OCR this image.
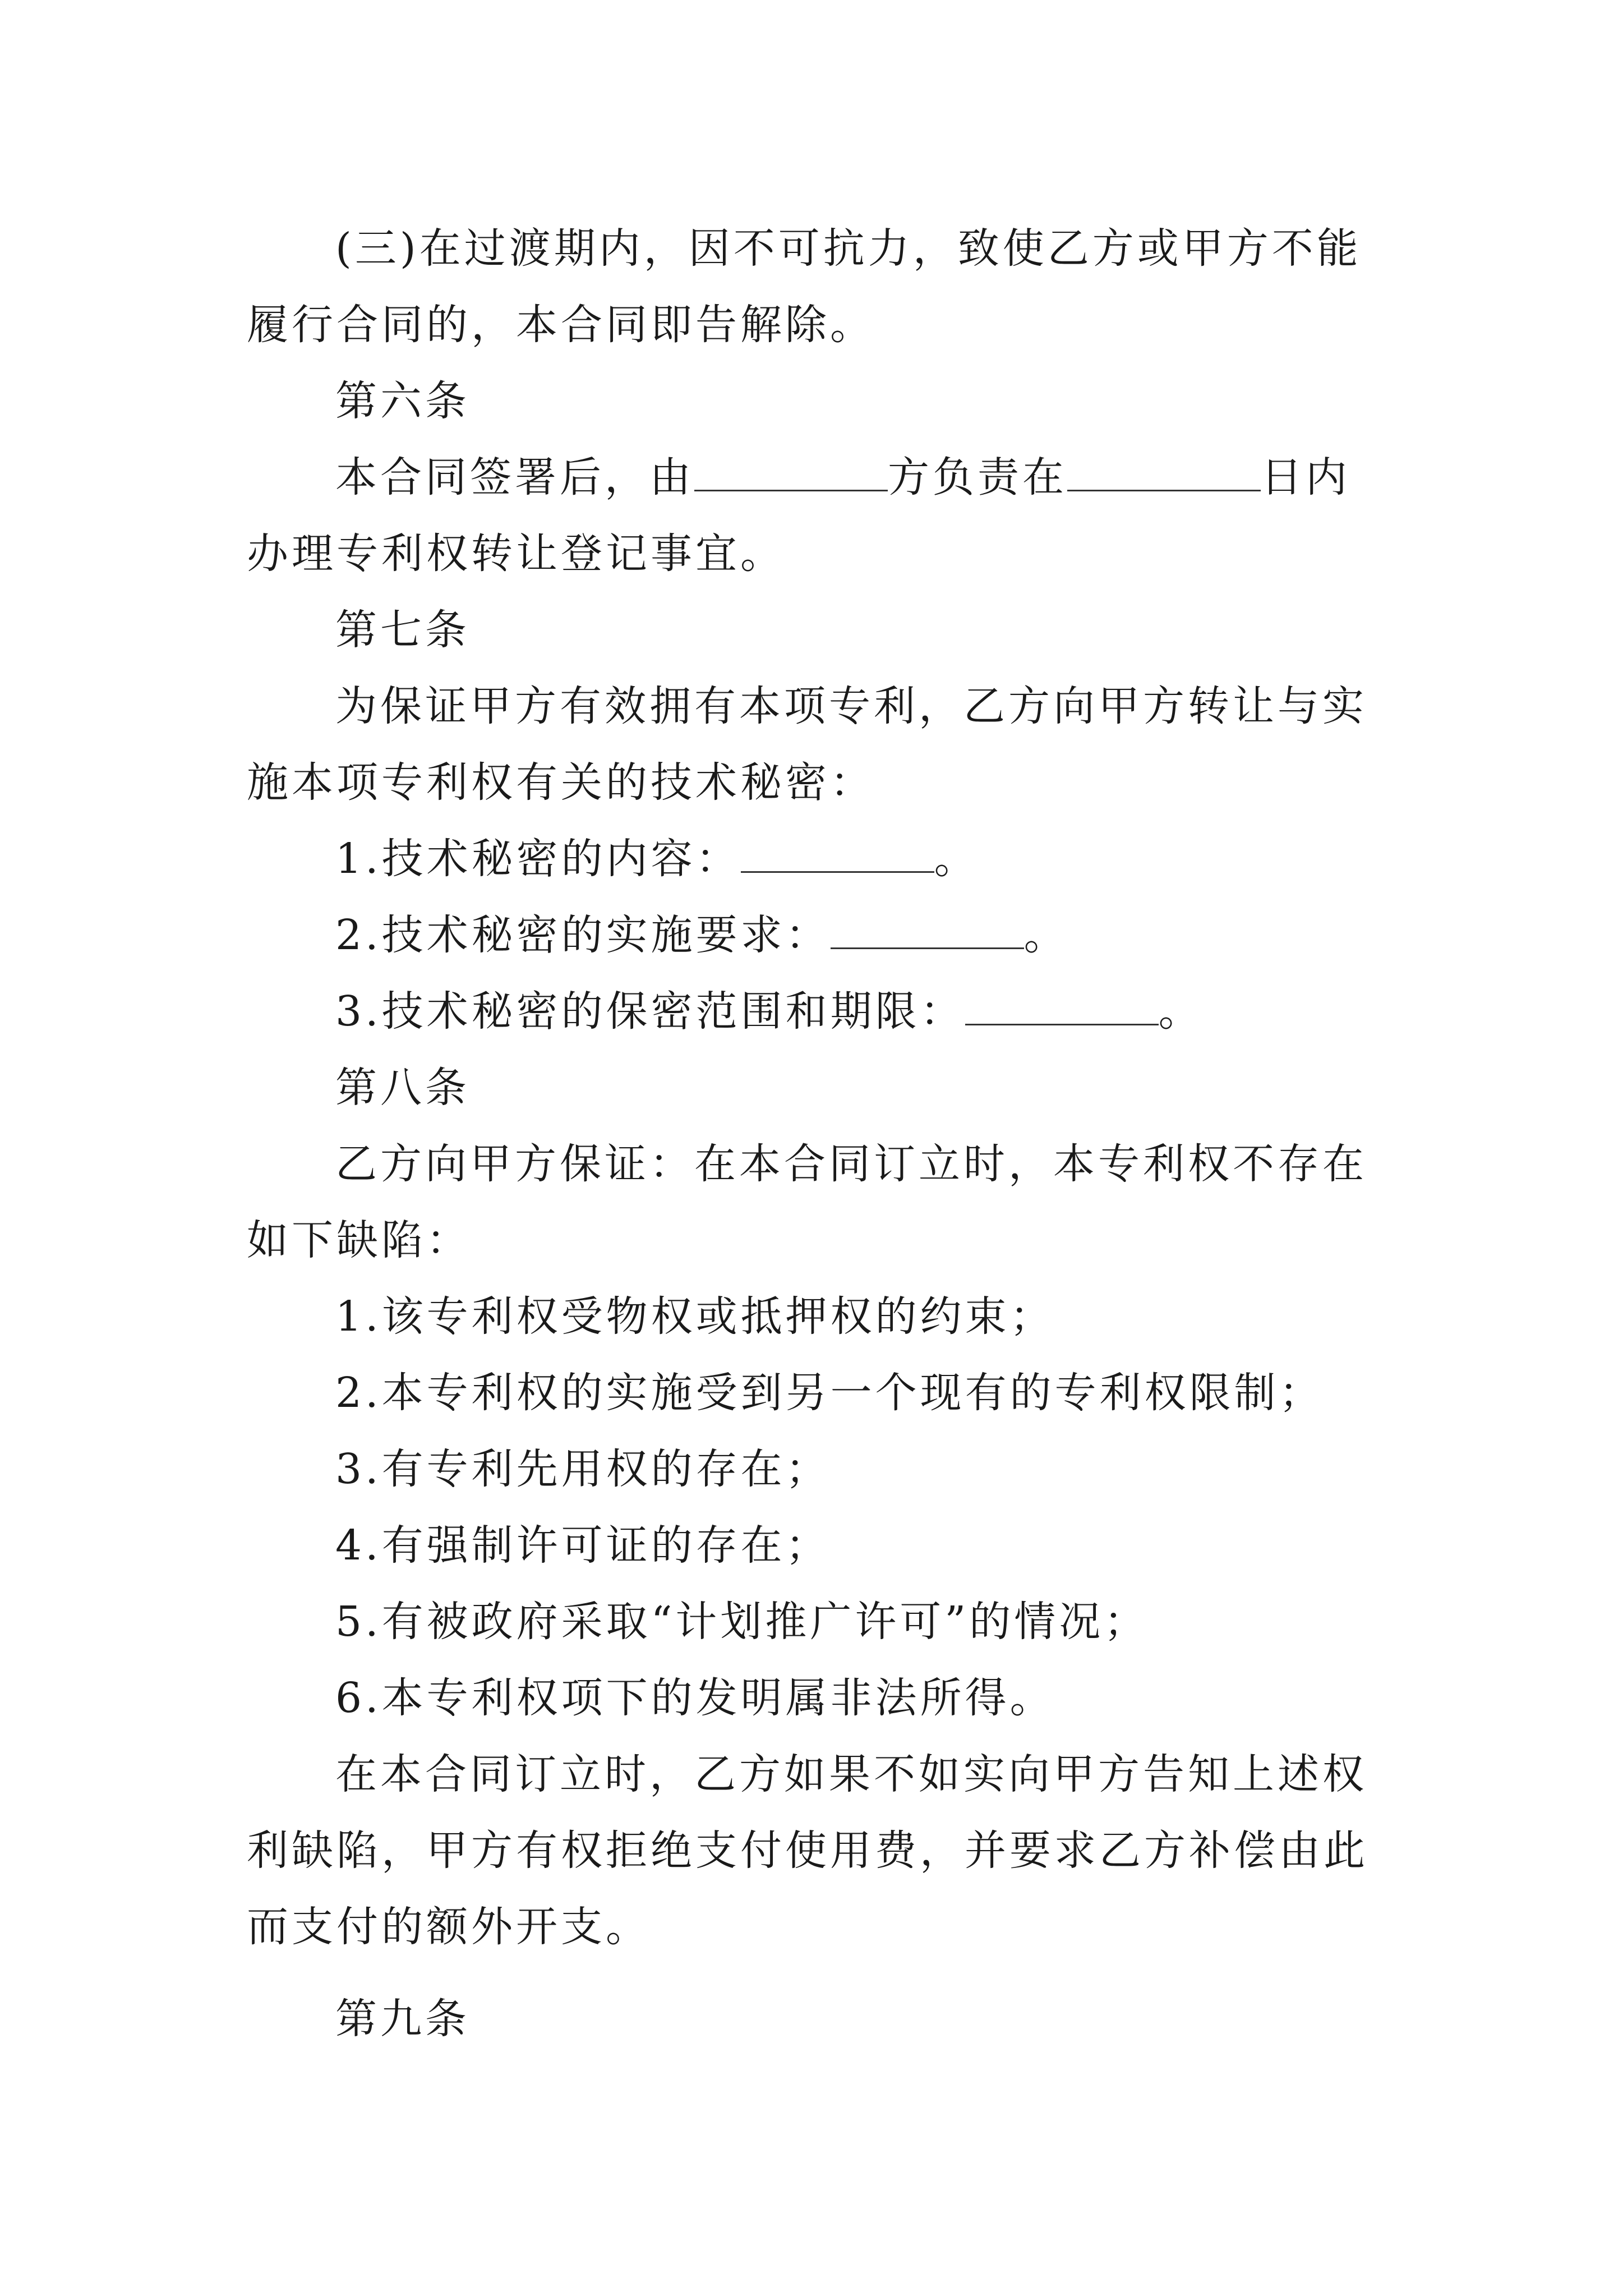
(三)在过渡期内，因不可抗力，致使乙方或甲方不能履行合同的，本合同即告解除。

第六条

本合同签署后，由	方负责在	日内办理专利权转让登记事宜。

第七条

为保证甲方有效拥有本项专利，乙方向甲方转让与实施本项专利权有关的技术秘密：

1.技术秘密的内容：	。

2.技术秘密的实施要求：	。

3.技术秘密的保密范围和期限：	。

第八条

乙方向甲方保证：在本合同订立时，本专利权不存在如下缺陷：

1.该专利权受物权或抵押权的约束；

2.本专利权的实施受到另一个现有的专利权限制；

3.有专利先用权的存在；

4.有强制许可证的存在；

5.有被政府采取“计划推广许可”的情况；

6.本专利权项下的发明属非法所得。

在本合同订立时，乙方如果不如实向甲方告知上述权利缺陷，甲方有权拒绝支付使用费，并要求乙方补偿由此而支付的额外开支。

第九条
